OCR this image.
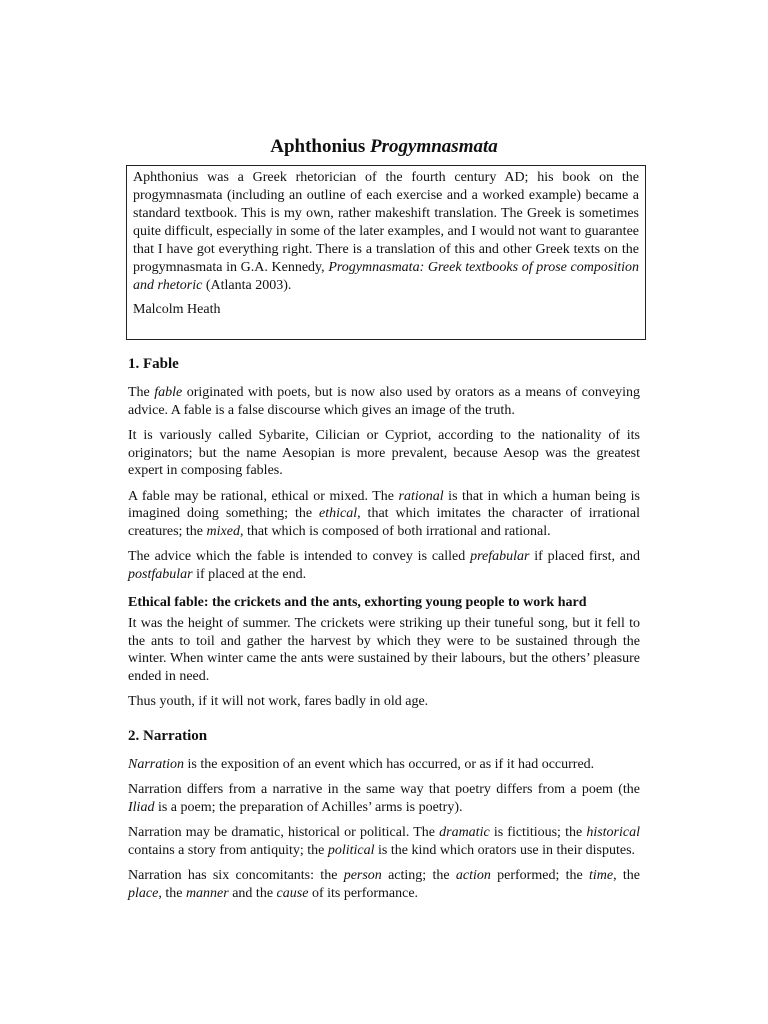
Aphthonius Progymnasmata

Aphthonius was a Greek rhetorician of the fourth century AD; his book on the progymnasmata (including an outline of each exercise and a worked example) became a standard textbook. This is my own, rather makeshift translation. The Greek is sometimes quite difficult, especially in some of the later examples, and I would not want to guarantee that I have got everything right. There is a translation of this and other Greek texts on the progymnasmata in G.A. Kennedy, Progymnasmata: Greek textbooks of prose composition and rhetoric (Atlanta 2003).

Malcolm Heath

1. Fable

The fable originated with poets, but is now also used by orators as a means of conveying advice. A fable is a false discourse which gives an image of the truth.

It is variously called Sybarite, Cilician or Cypriot, according to the nationality of its originators; but the name Aesopian is more prevalent, because Aesop was the greatest expert in composing fables.

A fable may be rational, ethical or mixed. The rational is that in which a human being is imagined doing something; the ethical, that which imitates the character of irrational creatures; the mixed, that which is composed of both irrational and rational.

The advice which the fable is intended to convey is called prefabular if placed first, and postfabular if placed at the end.

Ethical fable: the crickets and the ants, exhorting young people to work hard

It was the height of summer. The crickets were striking up their tuneful song, but it fell to the ants to toil and gather the harvest by which they were to be sustained through the winter. When winter came the ants were sustained by their labours, but the others’ pleasure ended in need.

Thus youth, if it will not work, fares badly in old age.

2. Narration

Narration is the exposition of an event which has occurred, or as if it had occurred.

Narration differs from a narrative in the same way that poetry differs from a poem (the Iliad is a poem; the preparation of Achilles’ arms is poetry).

Narration may be dramatic, historical or political. The dramatic is fictitious; the historical contains a story from antiquity; the political is the kind which orators use in their disputes.

Narration has six concomitants: the person acting; the action performed; the time, the place, the manner and the cause of its performance.
